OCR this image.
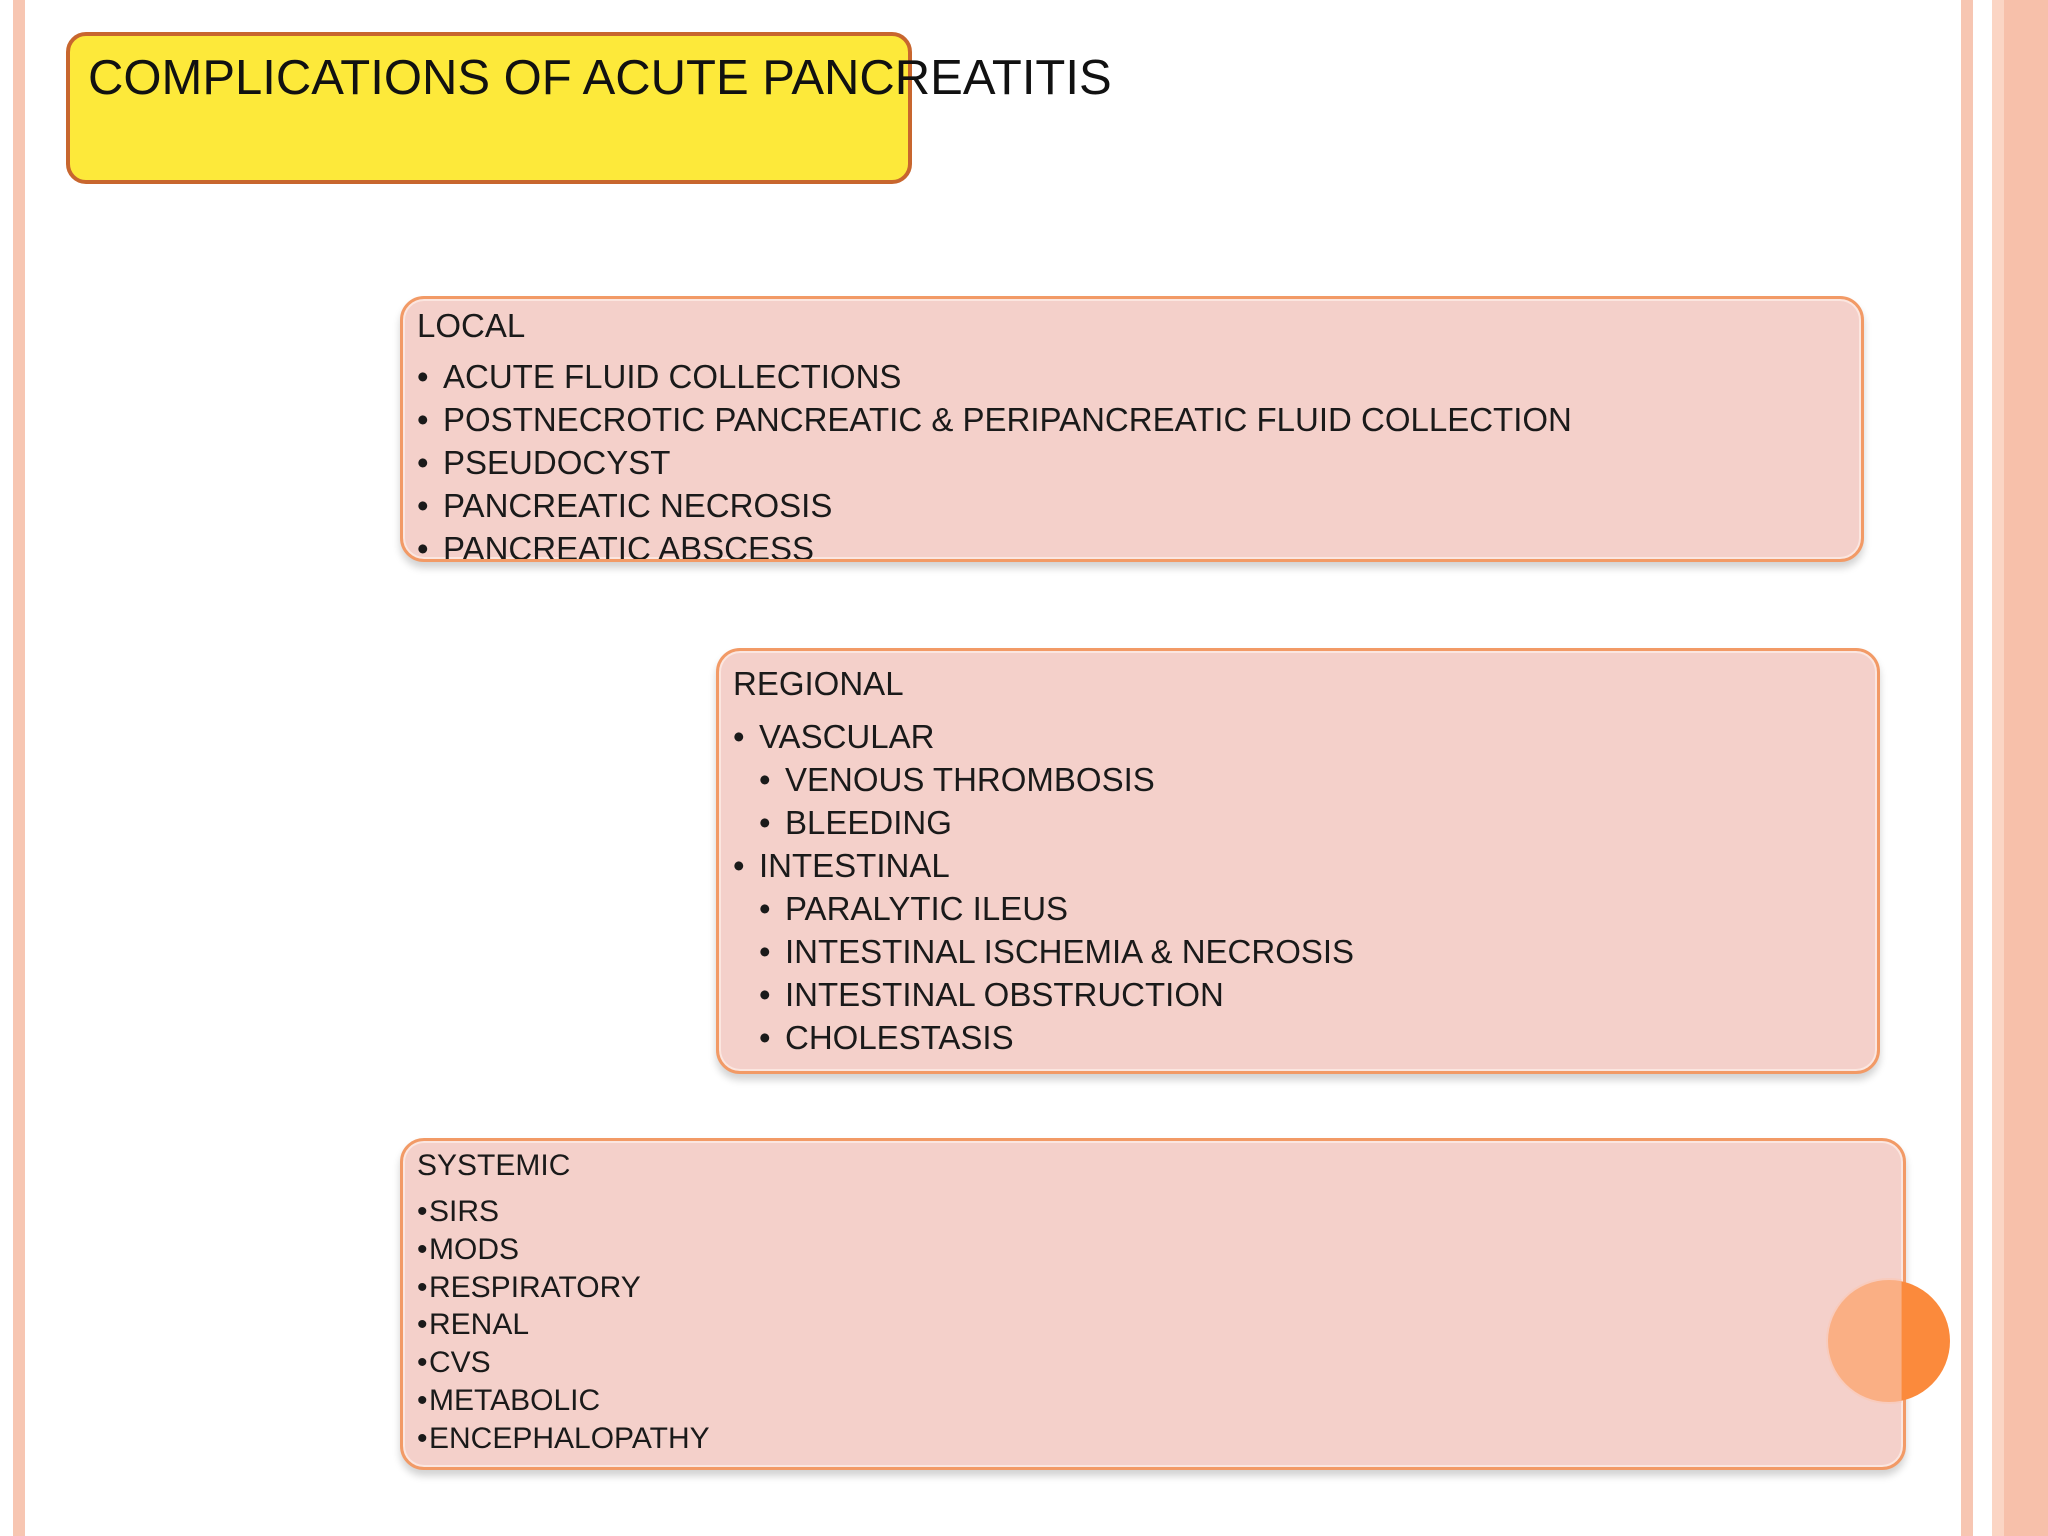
COMPLICATIONS OF ACUTE PANCREATITIS
LOCAL
• ACUTE FLUID COLLECTIONS
• POSTNECROTIC PANCREATIC & PERIPANCREATIC FLUID COLLECTION
• PSEUDOCYST
• PANCREATIC NECROSIS
• PANCREATIC ABSCESS
REGIONAL
• VASCULAR
• VENOUS THROMBOSIS
• BLEEDING
• INTESTINAL
• PARALYTIC ILEUS
• INTESTINAL ISCHEMIA & NECROSIS
• INTESTINAL OBSTRUCTION
• CHOLESTASIS
SYSTEMIC
• SIRS
• MODS
• RESPIRATORY
• RENAL
• CVS
• METABOLIC
• ENCEPHALOPATHY
